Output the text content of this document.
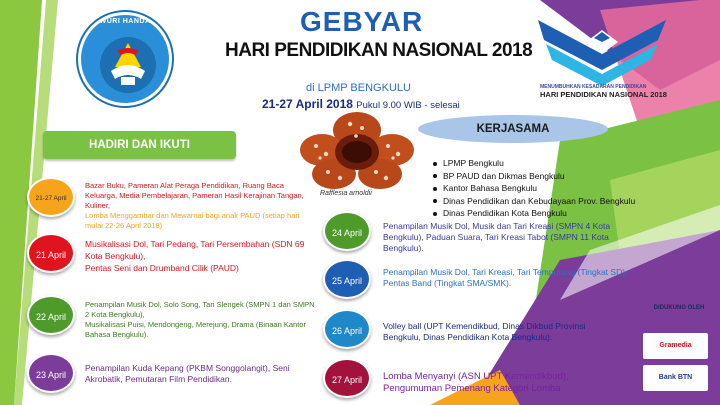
TUT WURI HANDAYANI	GEBYAR
HARI PENDIDIKAN NASIONAL 2018
di LPMP BENGKULU
21-27 April 2018 Pukul 9.00 WIB - selesai
MENUMBUHKAN KESADARAN PENDIDIKAN
HARI PENDIDIKAN NASIONAL 2018
HADIRI DAN IKUTI
KERJASAMA
Rafflesia arnoldii
LPMP Bengkulu
BP PAUD dan Dikmas Bengkulu
Kantor Bahasa Bengkulu
Dinas Pendidikan dan Kebudayaan Prov. Bengkulu
Dinas Pendidikan Kota Bengkulu
21-27 April
Bazar Buku, Pameran Alat Peraga Pendidikan, Ruang Baca Keluarga, Media Pembelajaran, Pameran Hasil Kerajinan Tangan, Kuliner,
Lomba Menggambar dan Mewarnai bagi anak PAUD (setiap hari mulai 22-26 April 2018)
21 April
Musikalisasi Dol, Tari Pedang, Tari Persembahan (SDN 69 Kota Bengkulu),
Pentas Seni dan Drumband Cilik (PAUD)
22 April
Penampilan Musik Dol, Solo Song, Tari Slengek (SMPN 1 dan SMPN 2 Kota Bengkulu),
Musikalisasi Puisi, Mendongeng, Merejung, Drama (Binaan Kantor Bahasa Bengkulu).
23 April
Penampilan Kuda Kepang (PKBM Songgolangit), Seni Akrobatik, Pemutaran Film Pendidikan.
24 April
Penampilan Musik Dol, Musik dan Tari Kreasi (SMPN 4 Kota Bengkulu), Paduan Suara, Tari Kreasi Tabot (SMPN 11 Kota Bengkulu).
25 April
Penampilan Musik Dol, Tari Kreasi, Tari Tempurung (Tingkat SD), Pentas Band (Tingkat SMA/SMK).
26 April	Volley ball (UPT Kemendikbud, Dinas Dikbud Provinsi Bengkulu, Dinas Pendidikan Kota Bengkulu).
27 April	Lomba Menyanyi (ASN UPT Kemendikbud), Pengumuman Pemenang Kategori Lomba
DIDUKUNG OLEH
Gramedia
Bank BTN
